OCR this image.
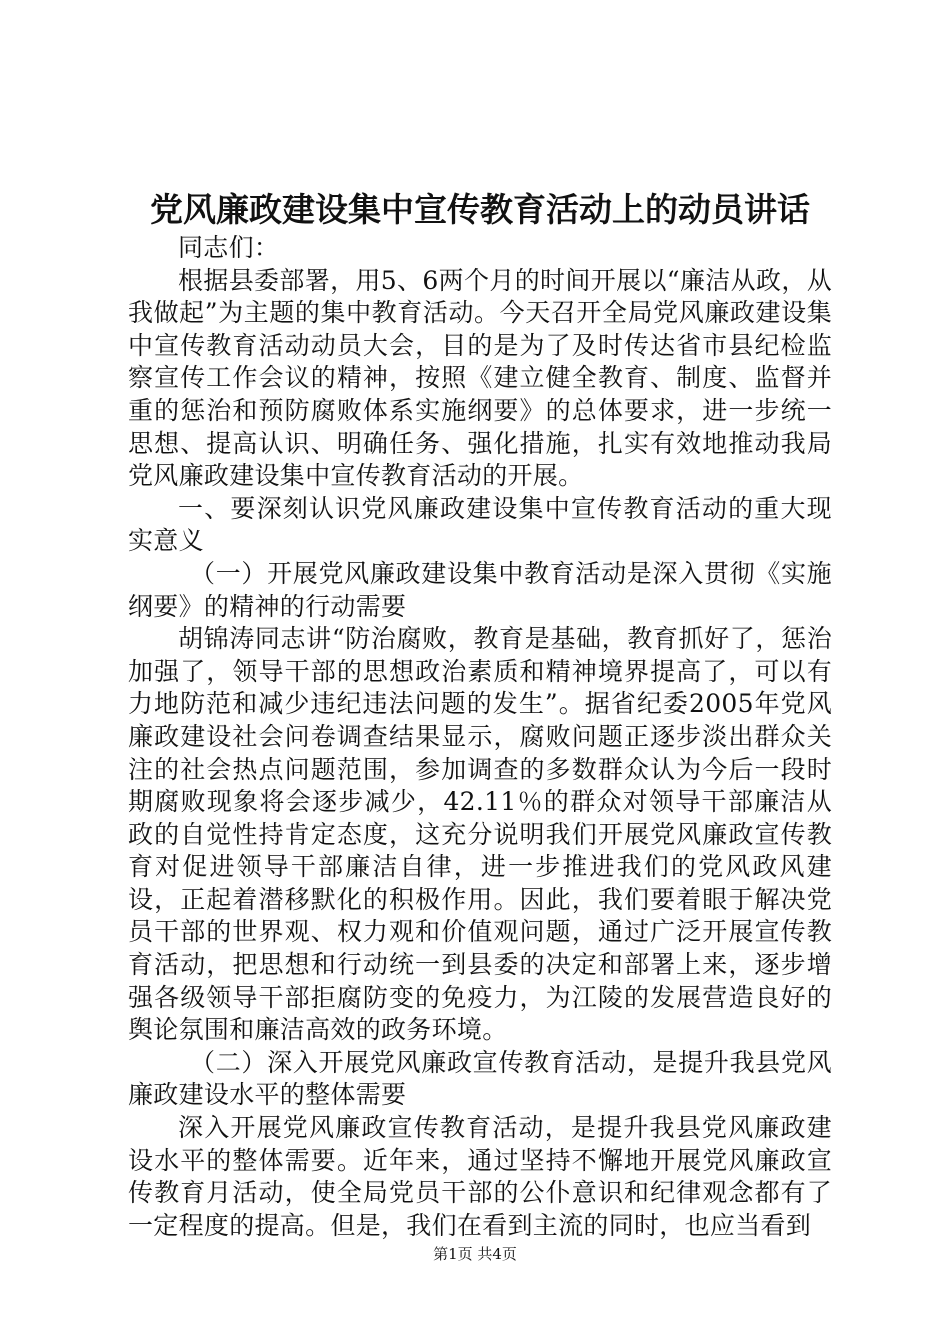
党风廉政建设集中宣传教育活动上的动员讲话

同志们：

根据县委部署，用5、6两个月的时间开展以“廉洁从政，从我做起”为主题的集中教育活动。今天召开全局党风廉政建设集中宣传教育活动动员大会，目的是为了及时传达省市县纪检监察宣传工作会议的精神，按照《建立健全教育、制度、监督并重的惩治和预防腐败体系实施纲要》的总体要求，进一步统一思想、提高认识、明确任务、强化措施，扎实有效地推动我局党风廉政建设集中宣传教育活动的开展。

一、要深刻认识党风廉政建设集中宣传教育活动的重大现实意义

（一）开展党风廉政建设集中教育活动是深入贯彻《实施纲要》的精神的行动需要

胡锦涛同志讲“防治腐败，教育是基础，教育抓好了，惩治加强了，领导干部的思想政治素质和精神境界提高了，可以有力地防范和减少违纪违法问题的发生”。据省纪委2005年党风廉政建设社会问卷调查结果显示，腐败问题正逐步淡出群众关注的社会热点问题范围，参加调查的多数群众认为今后一段时期腐败现象将会逐步减少，42.11％的群众对领导干部廉洁从政的自觉性持肯定态度，这充分说明我们开展党风廉政宣传教育对促进领导干部廉洁自律，进一步推进我们的党风政风建设，正起着潜移默化的积极作用。因此，我们要着眼于解决党员干部的世界观、权力观和价值观问题，通过广泛开展宣传教育活动，把思想和行动统一到县委的决定和部署上来，逐步增强各级领导干部拒腐防变的免疫力，为江陵的发展营造良好的舆论氛围和廉洁高效的政务环境。

（二）深入开展党风廉政宣传教育活动，是提升我县党风廉政建设水平的整体需要

深入开展党风廉政宣传教育活动，是提升我县党风廉政建设水平的整体需要。近年来，通过坚持不懈地开展党风廉政宣传教育月活动，使全局党员干部的公仆意识和纪律观念都有了一定程度的提高。但是，我们在看到主流的同时，也应当看到

第1页 共4页
